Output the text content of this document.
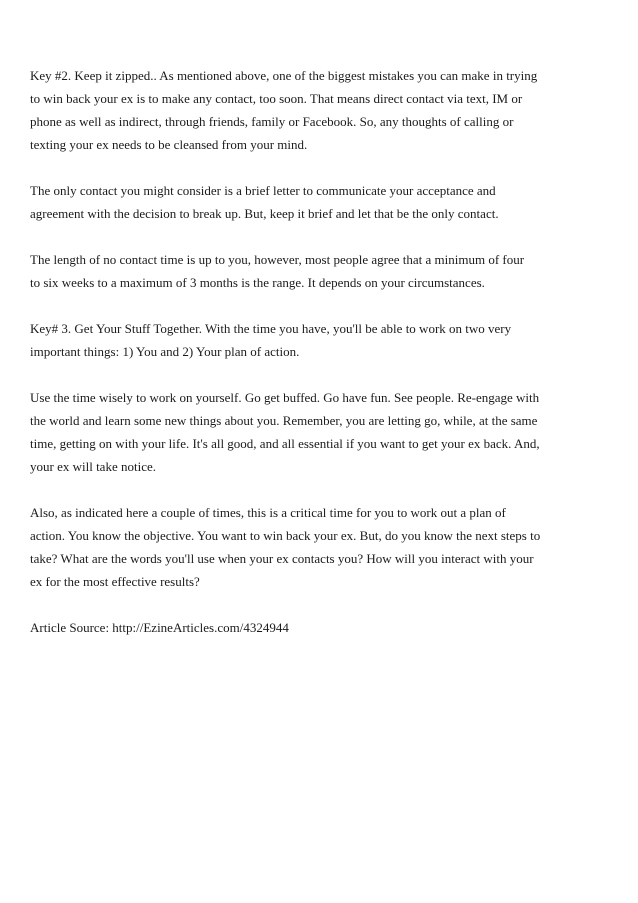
Key #2. Keep it zipped.. As mentioned above, one of the biggest mistakes you can make in trying
to win back your ex is to make any contact, too soon. That means direct contact via text, IM or
phone as well as indirect, through friends, family or Facebook. So, any thoughts of calling or
texting your ex needs to be cleansed from your mind.
The only contact you might consider is a brief letter to communicate your acceptance and
agreement with the decision to break up. But, keep it brief and let that be the only contact.
The length of no contact time is up to you, however, most people agree that a minimum of four
to six weeks to a maximum of 3 months is the range. It depends on your circumstances.
Key# 3. Get Your Stuff Together. With the time you have, you'll be able to work on two very
important things: 1) You and 2) Your plan of action.
Use the time wisely to work on yourself. Go get buffed. Go have fun. See people. Re-engage with
the world and learn some new things about you. Remember, you are letting go, while, at the same
time, getting on with your life. It's all good, and all essential if you want to get your ex back. And,
your ex will take notice.
Also, as indicated here a couple of times, this is a critical time for you to work out a plan of
action. You know the objective. You want to win back your ex. But, do you know the next steps to
take? What are the words you'll use when your ex contacts you? How will you interact with your
ex for the most effective results?
Article Source: http://EzineArticles.com/4324944
